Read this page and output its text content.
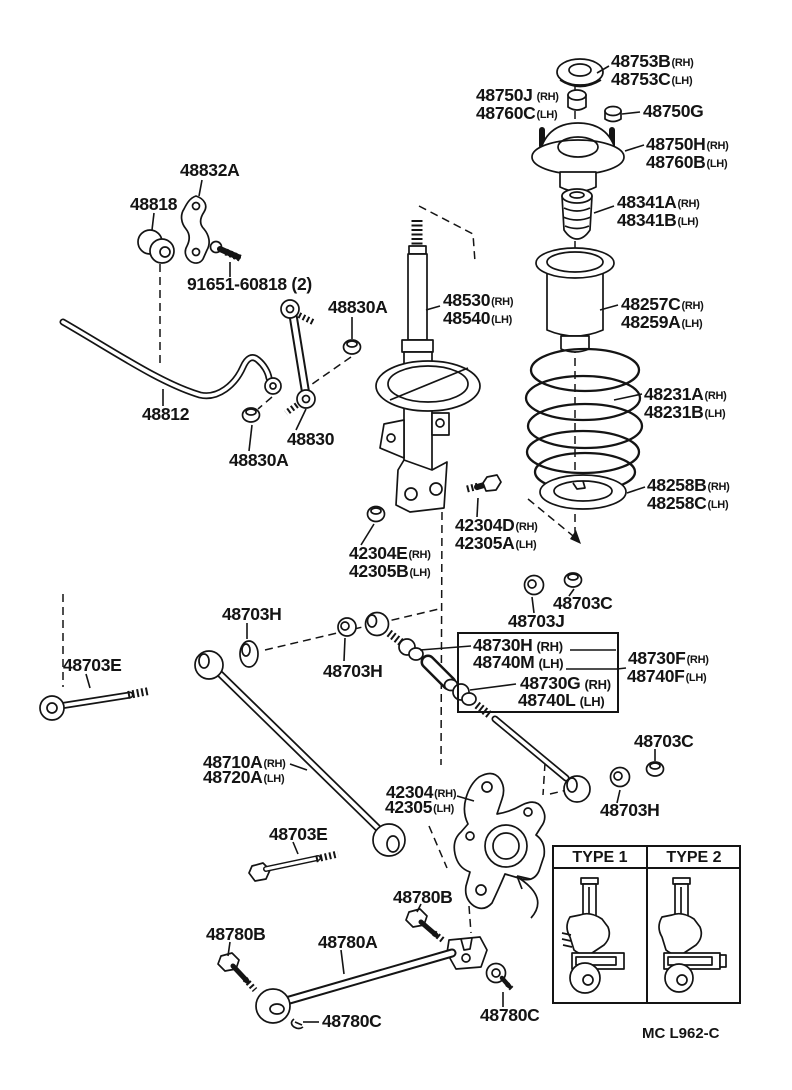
48753B(RH)
48753C(LH)
48750J (RH)
48760C(LH)	48750G
48750H(RH)
48760B(LH)
48341A(RH)
48341B(LH)
48257C(RH)
48259A(LH)
48231A(RH)
48231B(LH)
48258B(RH)
48258C(LH)
48832A
48818
91651-60818 (2)
48830A	48530(RH)
48540(LH)
48812
48830
48830A
42304D(RH)
42305A(LH)
42304E(RH)
42305B(LH)
48703C
48703J
48703H
48730H (RH)
48740M (LH)
48730G (RH)
48740L (LH)
48730F(RH)
48740F(LH)
48703E	48703H
48710A(RH)
48720A(LH)
42304(RH)
42305(LH)
48703E
48703C
48703H
48780B
48780B	48780A
48780C	48780C
TYPE 1 TYPE 2
MC L962-C
